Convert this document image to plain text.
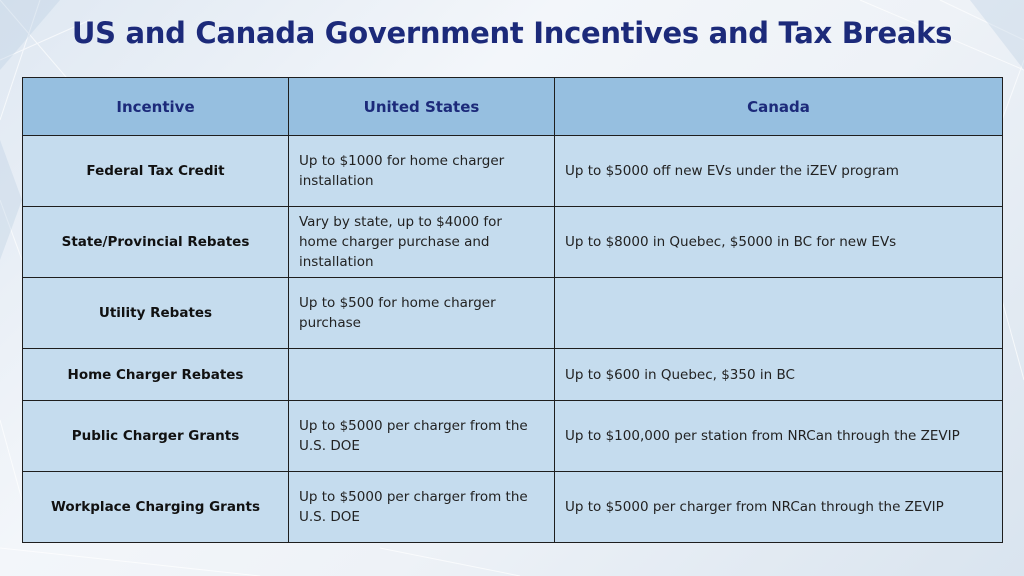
US and Canada Government Incentives and Tax Breaks
Incentive	United States	Canada
Federal Tax Credit	Up to $1000 for home charger installation	Up to $5000 off new EVs under the iZEV program
State/Provincial Rebates	Vary by state, up to $4000 for home charger purchase and installation	Up to $8000 in Quebec, $5000 in BC for new EVs
Utility Rebates	Up to $500 for home charger purchase	
Home Charger Rebates		Up to $600 in Quebec, $350 in BC
Public Charger Grants	Up to $5000 per charger from the U.S. DOE	Up to $100,000 per station from NRCan through the ZEVIP
Workplace Charging Grants	Up to $5000 per charger from the U.S. DOE	Up to $5000 per charger from NRCan through the ZEVIP
